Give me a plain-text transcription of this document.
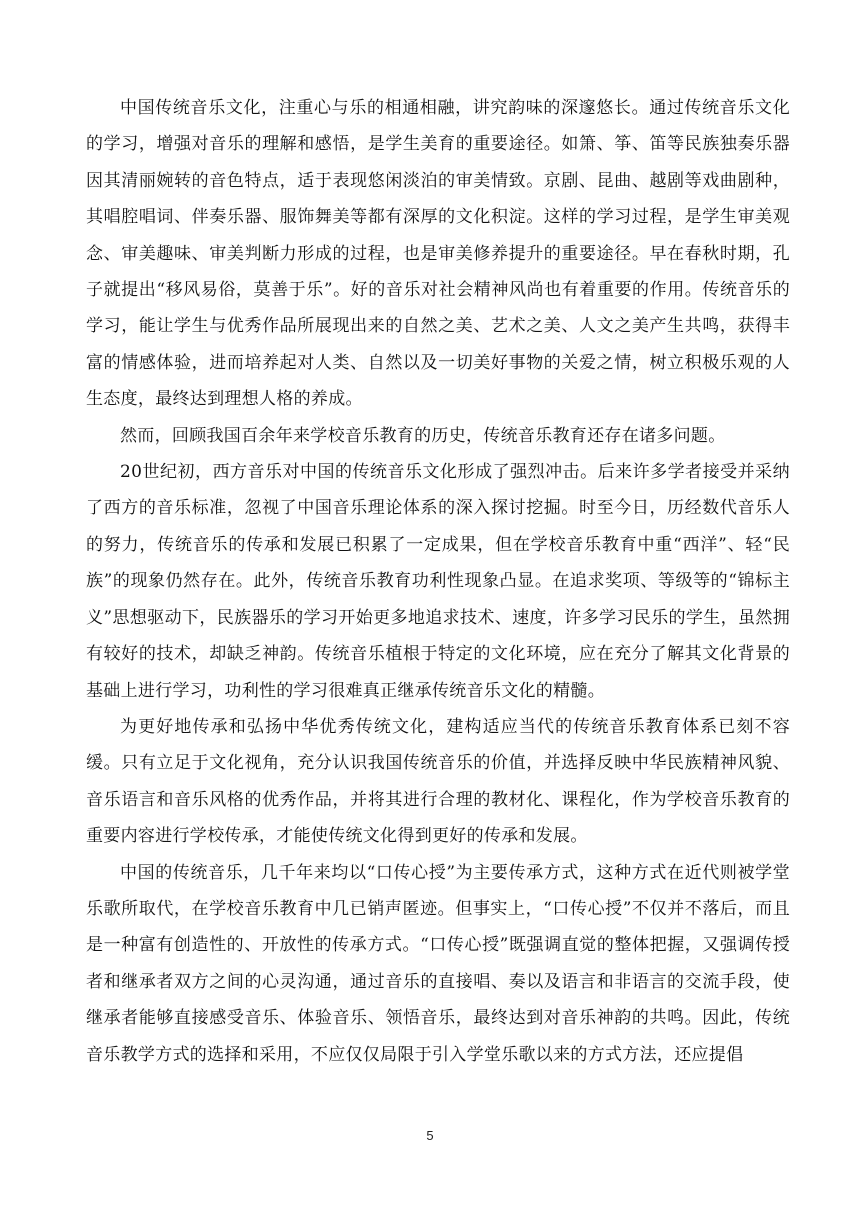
中国传统音乐文化，注重心与乐的相通相融，讲究韵味的深邃悠长。通过传统音乐文化的学习，增强对音乐的理解和感悟，是学生美育的重要途径。如箫、筝、笛等民族独奏乐器因其清丽婉转的音色特点，适于表现悠闲淡泊的审美情致。京剧、昆曲、越剧等戏曲剧种，其唱腔唱词、伴奏乐器、服饰舞美等都有深厚的文化积淀。这样的学习过程，是学生审美观念、审美趣味、审美判断力形成的过程，也是审美修养提升的重要途径。早在春秋时期，孔子就提出“移风易俗，莫善于乐”。好的音乐对社会精神风尚也有着重要的作用。传统音乐的学习，能让学生与优秀作品所展现出来的自然之美、艺术之美、人文之美产生共鸣，获得丰富的情感体验，进而培养起对人类、自然以及一切美好事物的关爱之情，树立积极乐观的人生态度，最终达到理想人格的养成。

然而，回顾我国百余年来学校音乐教育的历史，传统音乐教育还存在诸多问题。

20世纪初，西方音乐对中国的传统音乐文化形成了强烈冲击。后来许多学者接受并采纳了西方的音乐标准，忽视了中国音乐理论体系的深入探讨挖掘。时至今日，历经数代音乐人的努力，传统音乐的传承和发展已积累了一定成果，但在学校音乐教育中重“西洋”、轻“民族”的现象仍然存在。此外，传统音乐教育功利性现象凸显。在追求奖项、等级等的“锦标主义”思想驱动下，民族器乐的学习开始更多地追求技术、速度，许多学习民乐的学生，虽然拥有较好的技术，却缺乏神韵。传统音乐植根于特定的文化环境，应在充分了解其文化背景的基础上进行学习，功利性的学习很难真正继承传统音乐文化的精髓。

为更好地传承和弘扬中华优秀传统文化，建构适应当代的传统音乐教育体系已刻不容缓。只有立足于文化视角，充分认识我国传统音乐的价值，并选择反映中华民族精神风貌、音乐语言和音乐风格的优秀作品，并将其进行合理的教材化、课程化，作为学校音乐教育的重要内容进行学校传承，才能使传统文化得到更好的传承和发展。

中国的传统音乐，几千年来均以“口传心授”为主要传承方式，这种方式在近代则被学堂乐歌所取代，在学校音乐教育中几已销声匿迹。但事实上，“口传心授”不仅并不落后，而且是一种富有创造性的、开放性的传承方式。“口传心授”既强调直觉的整体把握，又强调传授者和继承者双方之间的心灵沟通，通过音乐的直接唱、奏以及语言和非语言的交流手段，使继承者能够直接感受音乐、体验音乐、领悟音乐，最终达到对音乐神韵的共鸣。因此，传统音乐教学方式的选择和采用，不应仅仅局限于引入学堂乐歌以来的方式方法，还应提倡

5
